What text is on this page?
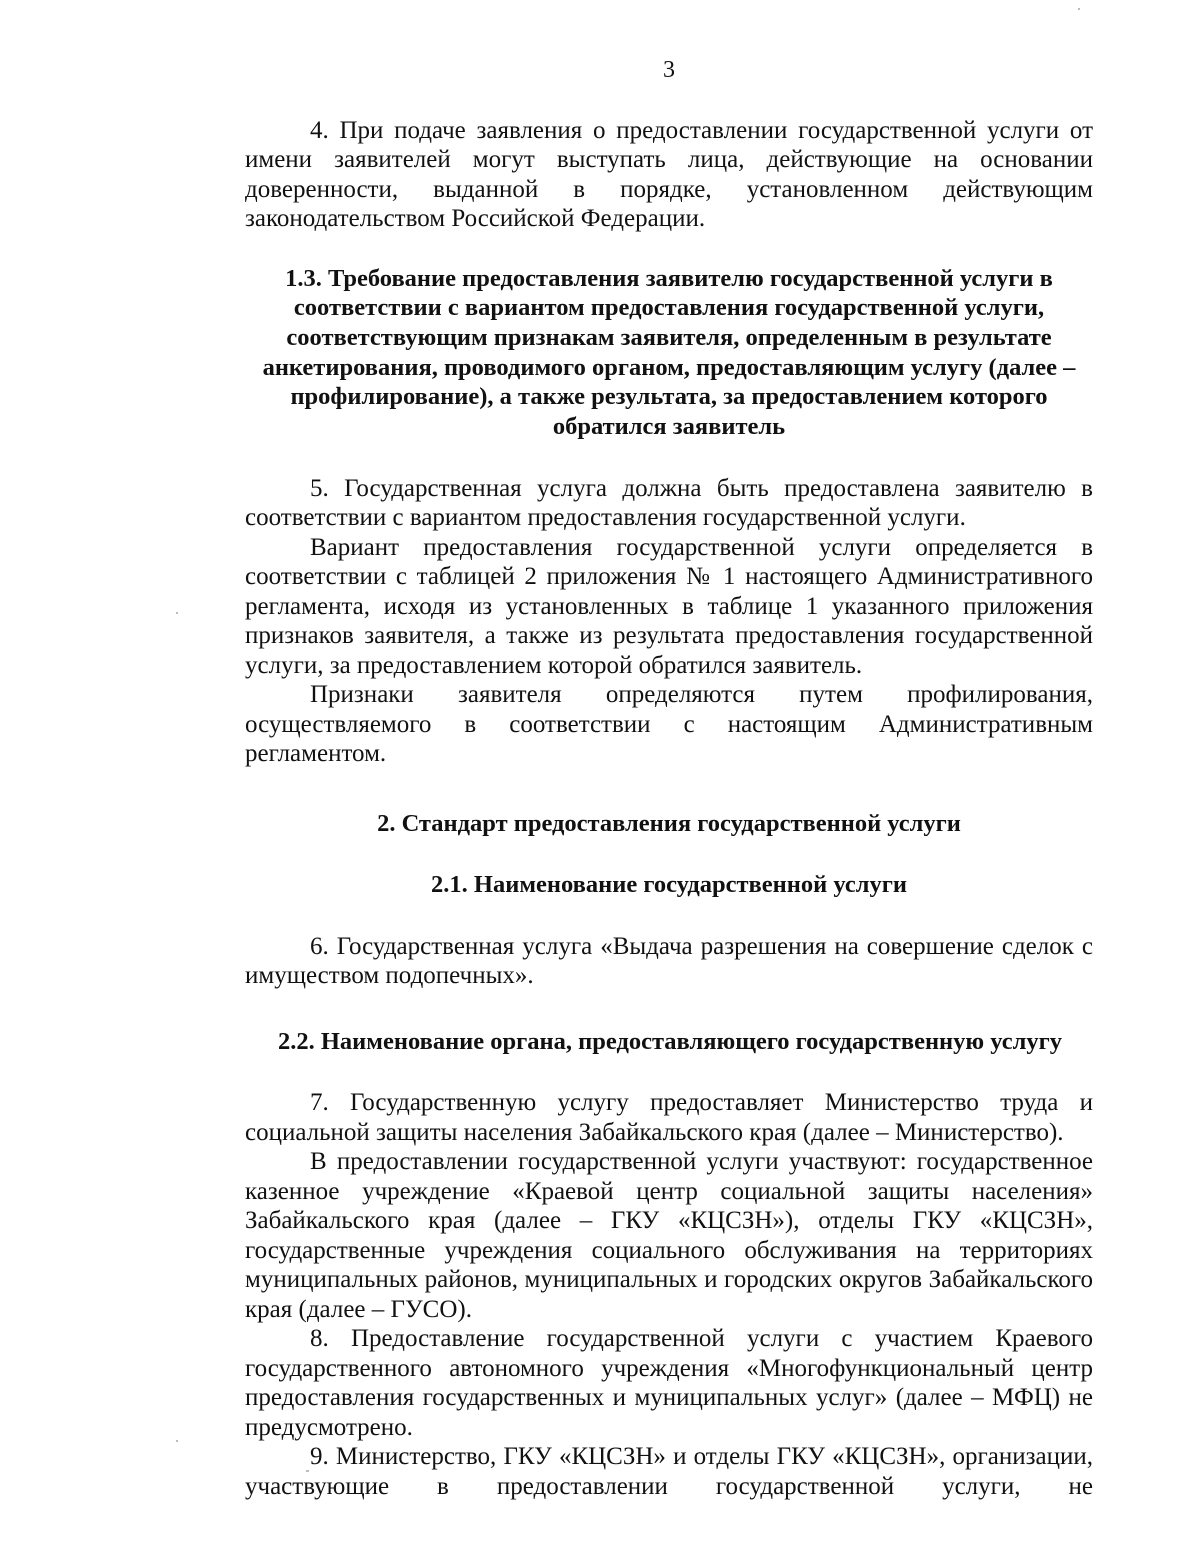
3

4. При подаче заявления о предоставлении государственной услуги от имени заявителей могут выступать лица, действующие на основании доверенности, выданной в порядке, установленном действующим законодательством Российской Федерации.

1.3. Требование предоставления заявителю государственной услуги в соответствии с вариантом предоставления государственной услуги, соответствующим признакам заявителя, определенным в результате анкетирования, проводимого органом, предоставляющим услугу (далее – профилирование), а также результата, за предоставлением которого обратился заявитель

5. Государственная услуга должна быть предоставлена заявителю в соответствии с вариантом предоставления государственной услуги.

Вариант предоставления государственной услуги определяется в соответствии с таблицей 2 приложения № 1 настоящего Административного регламента, исходя из установленных в таблице 1 указанного приложения признаков заявителя, а также из результата предоставления государственной услуги, за предоставлением которой обратился заявитель.

Признаки заявителя определяются путем профилирования, осуществляемого в соответствии с настоящим Административным регламентом.

2. Стандарт предоставления государственной услуги

2.1. Наименование государственной услуги

6. Государственная услуга «Выдача разрешения на совершение сделок с имуществом подопечных».

2.2. Наименование органа, предоставляющего государственную услугу

7. Государственную услугу предоставляет Министерство труда и социальной защиты населения Забайкальского края (далее – Министерство).

В предоставлении государственной услуги участвуют: государственное казенное учреждение «Краевой центр социальной защиты населения» Забайкальского края (далее – ГКУ «КЦСЗН»), отделы ГКУ «КЦСЗН», государственные учреждения социального обслуживания на территориях муниципальных районов, муниципальных и городских округов Забайкальского края (далее – ГУСО).

8. Предоставление государственной услуги с участием Краевого государственного автономного учреждения «Многофункциональный центр предоставления государственных и муниципальных услуг» (далее – МФЦ) не предусмотрено.

9. Министерство, ГКУ «КЦСЗН» и отделы ГКУ «КЦСЗН», организации, участвующие в предоставлении государственной услуги, не
